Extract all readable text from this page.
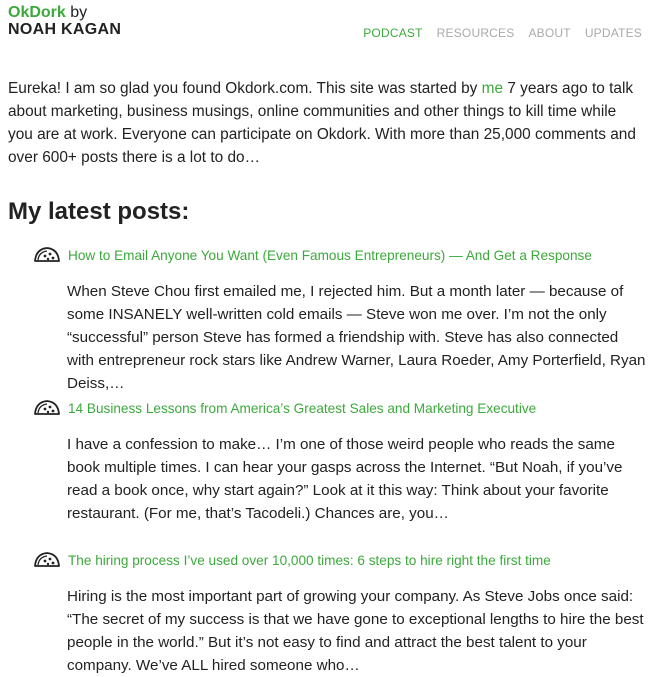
OkDork by
NOAH KAGAN	PODCAST RESOURCES ABOUT UPDATES

Eureka! I am so glad you found Okdork.com. This site was started by me 7 years ago to talk about marketing, business musings, online communities and other things to kill time while you are at work. Everyone can participate on Okdork. With more than 25,000 comments and over 600+ posts there is a lot to do…

My latest posts:
How to Email Anyone You Want (Even Famous Entrepreneurs) — And Get a Response
When Steve Chou first emailed me, I rejected him. But a month later — because of some INSANELY well-written cold emails — Steve won me over. I’m not the only “successful” person Steve has formed a friendship with. Steve has also connected with entrepreneur rock stars like Andrew Warner, Laura Roeder, Amy Porterfield, Ryan Deiss,…
14 Business Lessons from America’s Greatest Sales and Marketing Executive
I have a confession to make… I’m one of those weird people who reads the same book multiple times. I can hear your gasps across the Internet. “But Noah, if you’ve read a book once, why start again?” Look at it this way: Think about your favorite restaurant. (For me, that’s Tacodeli.) Chances are, you…
The hiring process I’ve used over 10,000 times: 6 steps to hire right the first time
Hiring is the most important part of growing your company. As Steve Jobs once said: “The secret of my success is that we have gone to exceptional lengths to hire the best people in the world.” But it’s not easy to find and attract the best talent to your company. We’ve ALL hired someone who…
